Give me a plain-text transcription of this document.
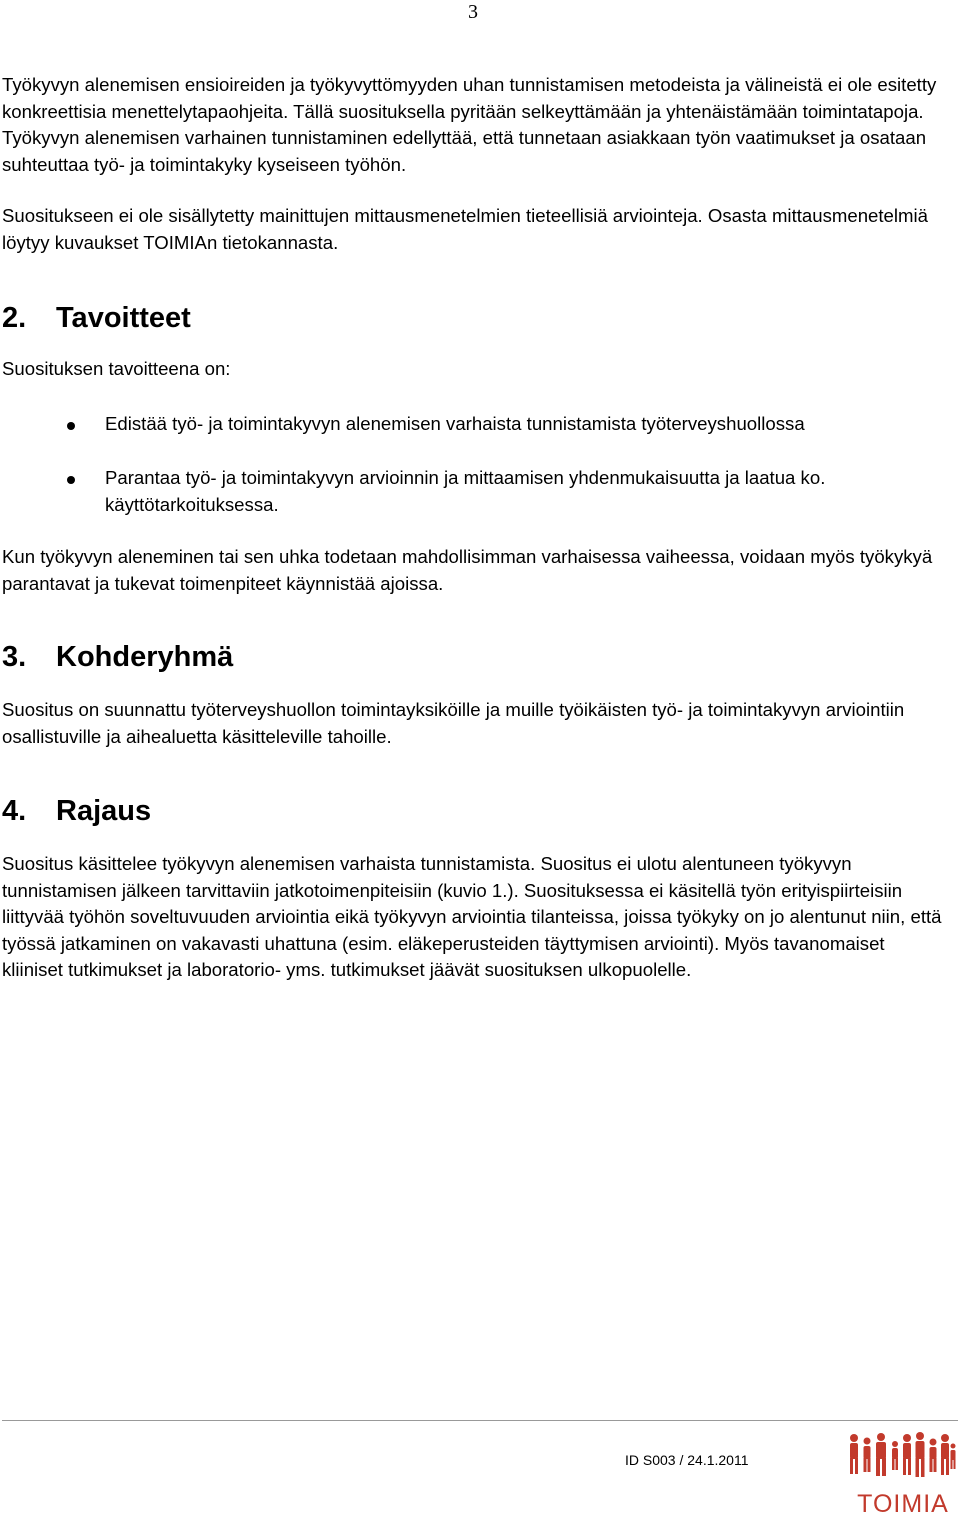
3

Työkyvyn alenemisen ensioireiden ja työkyvyttömyyden uhan tunnistamisen metodeista ja välineistä ei ole esitetty konkreettisia menettelytapaohjeita. Tällä suosituksella pyritään selkeyttämään ja yhtenäistämään toimintatapoja. Työkyvyn alenemisen varhainen tunnistaminen edellyttää, että tunnetaan asiakkaan työn vaatimukset ja osataan suhteuttaa työ- ja toimintakyky kyseiseen työhön.

Suositukseen ei ole sisällytetty mainittujen mittausmenetelmien tieteellisiä arviointeja. Osasta mittausmenetelmiä löytyy kuvaukset TOIMIAn tietokannasta.

2.	Tavoitteet

Suosituksen tavoitteena on:

Edistää työ- ja toimintakyvyn alenemisen varhaista tunnistamista työterveyshuollossa
Parantaa työ- ja toimintakyvyn arvioinnin ja mittaamisen yhdenmukaisuutta ja laatua ko. käyttötarkoituksessa.

Kun työkyvyn aleneminen tai sen uhka todetaan mahdollisimman varhaisessa vaiheessa, voidaan myös työkykyä parantavat ja tukevat toimenpiteet käynnistää ajoissa.

3.	Kohderyhmä

Suositus on suunnattu työterveyshuollon toimintayksiköille ja muille työikäisten työ- ja toimintakyvyn arviointiin osallistuville ja aihealuetta käsitteleville tahoille.

4.	Rajaus

Suositus käsittelee työkyvyn alenemisen varhaista tunnistamista. Suositus ei ulotu alentuneen työkyvyn tunnistamisen jälkeen tarvittaviin jatkotoimenpiteisiin (kuvio 1.). Suosituksessa ei käsitellä työn erityispiirteisiin liittyvää työhön soveltuvuuden arviointia eikä työkyvyn arviointia tilanteissa, joissa työkyky on jo alentunut niin, että työssä jatkaminen on vakavasti uhattuna (esim. eläkeperusteiden täyttymisen arviointi). Myös tavanomaiset kliiniset tutkimukset ja laboratorio- yms. tutkimukset jäävät suosituksen ulkopuolelle.

ID S003 / 24.1.2011
TOIMIA
